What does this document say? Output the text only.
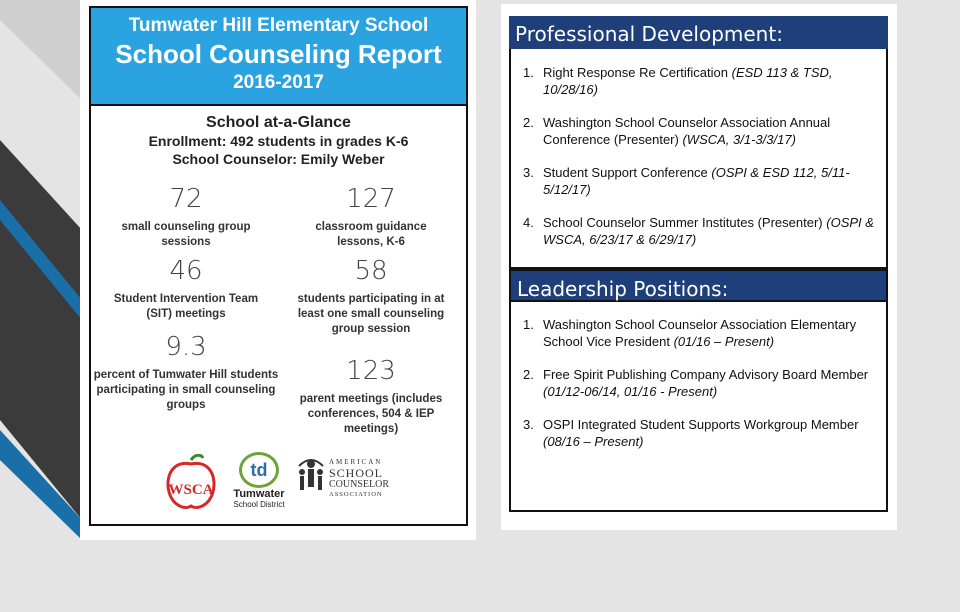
Tumwater Hill Elementary School
School Counseling Report
2016-2017
School at-a-Glance
Enrollment: 492 students in grades K-6
School Counselor: Emily Weber
72
small counseling group sessions
127
classroom guidance lessons, K-6
46
Student Intervention Team (SIT) meetings
58
students participating in at least one small counseling group session
9.3
percent of Tumwater Hill students participating in small counseling groups
123
parent meetings (includes conferences, 504 & IEP meetings)
WSCA
td
Tumwater
School District
AMERICAN
SCHOOL
COUNSELOR
ASSOCIATION
Professional Development:
1. Right Response Re Certification (ESD 113 & TSD, 10/28/16)
2. Washington School Counselor Association Annual Conference (Presenter) (WSCA, 3/1-3/3/17)
3. Student Support Conference (OSPI & ESD 112, 5/11-5/12/17)
4. School Counselor Summer Institutes (Presenter) (OSPI & WSCA, 6/23/17 & 6/29/17)
Leadership Positions:
1. Washington School Counselor Association Elementary School Vice President (01/16 – Present)
2. Free Spirit Publishing Company Advisory Board Member (01/12-06/14, 01/16 - Present)
3. OSPI Integrated Student Supports Workgroup Member (08/16 – Present)
